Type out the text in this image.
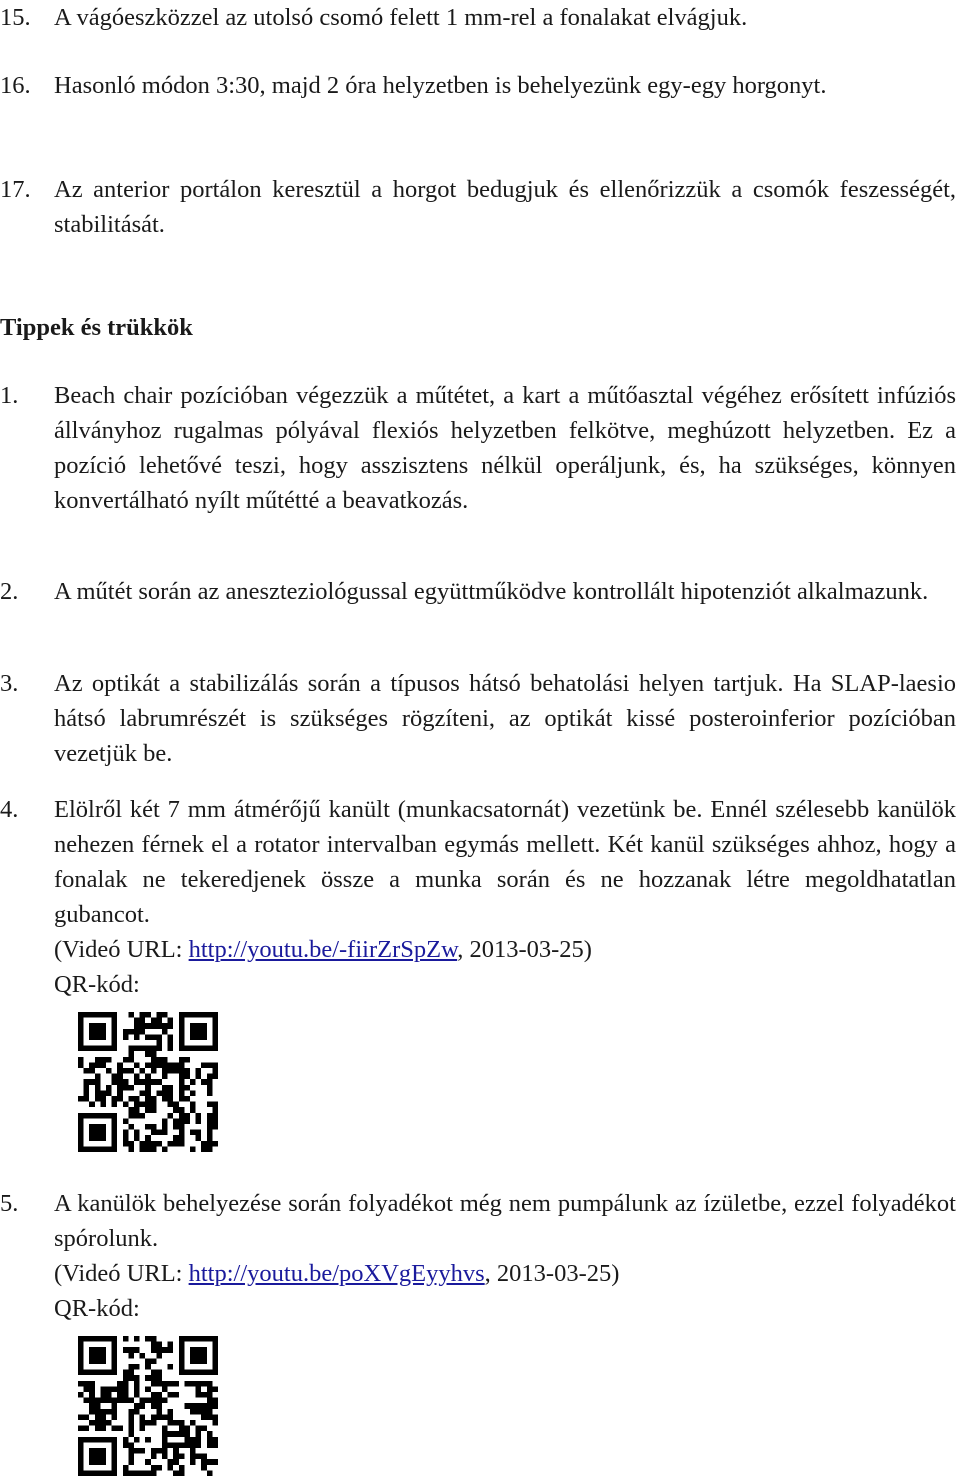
15. A vágóeszközzel az utolsó csomó felett 1 mm-rel a fonalakat elvágjuk.

16. Hasonló módon 3:30, majd 2 óra helyzetben is behelyezünk egy-egy horgonyt.

17. Az anterior portálon keresztül a horgot bedugjuk és ellenőrizzük a csomók feszességét, stabilitását.

Tippek és trükkök
1.	Beach chair pozícióban végezzük a műtétet, a kart a műtőasztal végéhez erősített infúziós állványhoz rugalmas pólyával flexiós helyzetben felkötve, meghúzott helyzetben. Ez a pozíció lehetővé teszi, hogy asszisztens nélkül operáljunk, és, ha szükséges, könnyen konvertálható nyílt műtétté a beavatkozás.

2.	A műtét során az aneszteziológussal együttműködve kontrollált hipotenziót alkalmazunk.

3.	Az optikát a stabilizálás során a típusos hátsó behatolási helyen tartjuk. Ha SLAP-laesio hátsó labrumrészét is szükséges rögzíteni, az optikát kissé posteroinferior pozícióban vezetjük be.

4.	Elölről két 7 mm átmérőjű kanült (munkacsatornát) vezetünk be. Ennél szélesebb kanülök nehezen férnek el a rotator intervalban egymás mellett. Két kanül szükséges ahhoz, hogy a fonalak ne tekeredjenek össze a munka során és ne hozzanak létre megoldhatatlan gubancot.

(Videó URL: http://youtu.be/-fiirZrSpZw, 2013-03-25)

QR-kód:

5.	A kanülök behelyezése során folyadékot még nem pumpálunk az ízületbe, ezzel folyadékot spórolunk.

(Videó URL: http://youtu.be/poXVgEyyhvs, 2013-03-25)

QR-kód:
